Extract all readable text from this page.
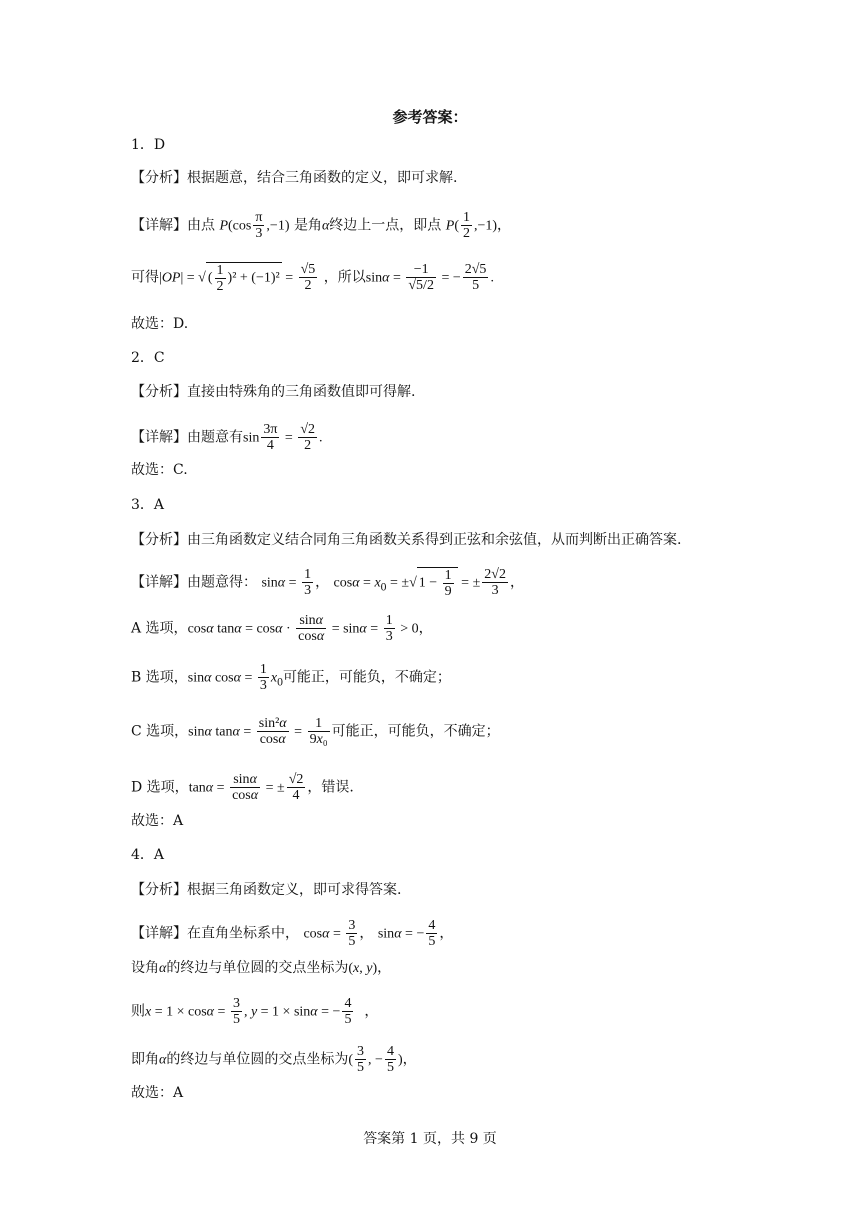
参考答案：
1．D
【分析】根据题意，结合三角函数的定义，即可求解.
【详解】由点 $P(\cos \frac{\pi}{3} ,-1)$ 是角α终边上一点，即点 $P( \frac{1}{2} ,-1)$，
可得|OP| = √ ( $\frac{1}{2} )^2 + (-1)^2 = \frac{√5}{2}$ ，所以$\sin\alpha = \frac{-1}{√5/2}$ = − $\frac{2√5}{5}$ .
故选：D.
2．C
【分析】直接由特殊角的三角函数值即可得解.
【详解】由题意有$\sin \frac{3\pi}{4} = \frac{√2}{2}$ .
故选：C.
3．A
【分析】由三角函数定义结合同角三角函数关系得到正弦和余弦值，从而判断出正确答案.
【详解】由题意得： $\sin\alpha = \frac{1}{3}$ ， $\cos\alpha = x_0$ = ±√ $1 - \frac{1}{9}$ = ± $\frac{2√2}{3}$ ，
A 选项，cosα $\tan\alpha = \cos\alpha \cdot \frac{\sin\alpha}{\cos\alpha} = \sin\alpha = \frac{1}{3} > 0$，
B 选项，sinα $\cos\alpha = \frac{1}{3} x_0$可能正，可能负，不确定；
C 选项，sinα $\tan\alpha = \frac{\text{sin²α}}{\cos\alpha} = \frac{1}{\text{9x₀}}$ 可能正，可能负，不确定；
D 选项，$\tan\alpha = \frac{\sin\alpha}{\cos\alpha}$ = ± $\frac{√2}{4}$ ，错误.
故选：A
4．A
【分析】根据三角函数定义，即可求得答案.
【详解】在直角坐标系中， $\cos\alpha = \frac{3}{5}$ ， sinα = − $\frac{4}{5}$ ，
设角α的终边与单位圆的交点坐标为(x, y)，
则$x = 1 \times \cos\alpha = \frac{3}{5}$ , y = 1 × sinα = − $\frac{4}{5}$ ，
即角α的终边与单位圆的交点坐标为( $\frac{3}{5}$ , − $\frac{4}{5}$ )，
故选：A
答案第 1 页，共 9 页
